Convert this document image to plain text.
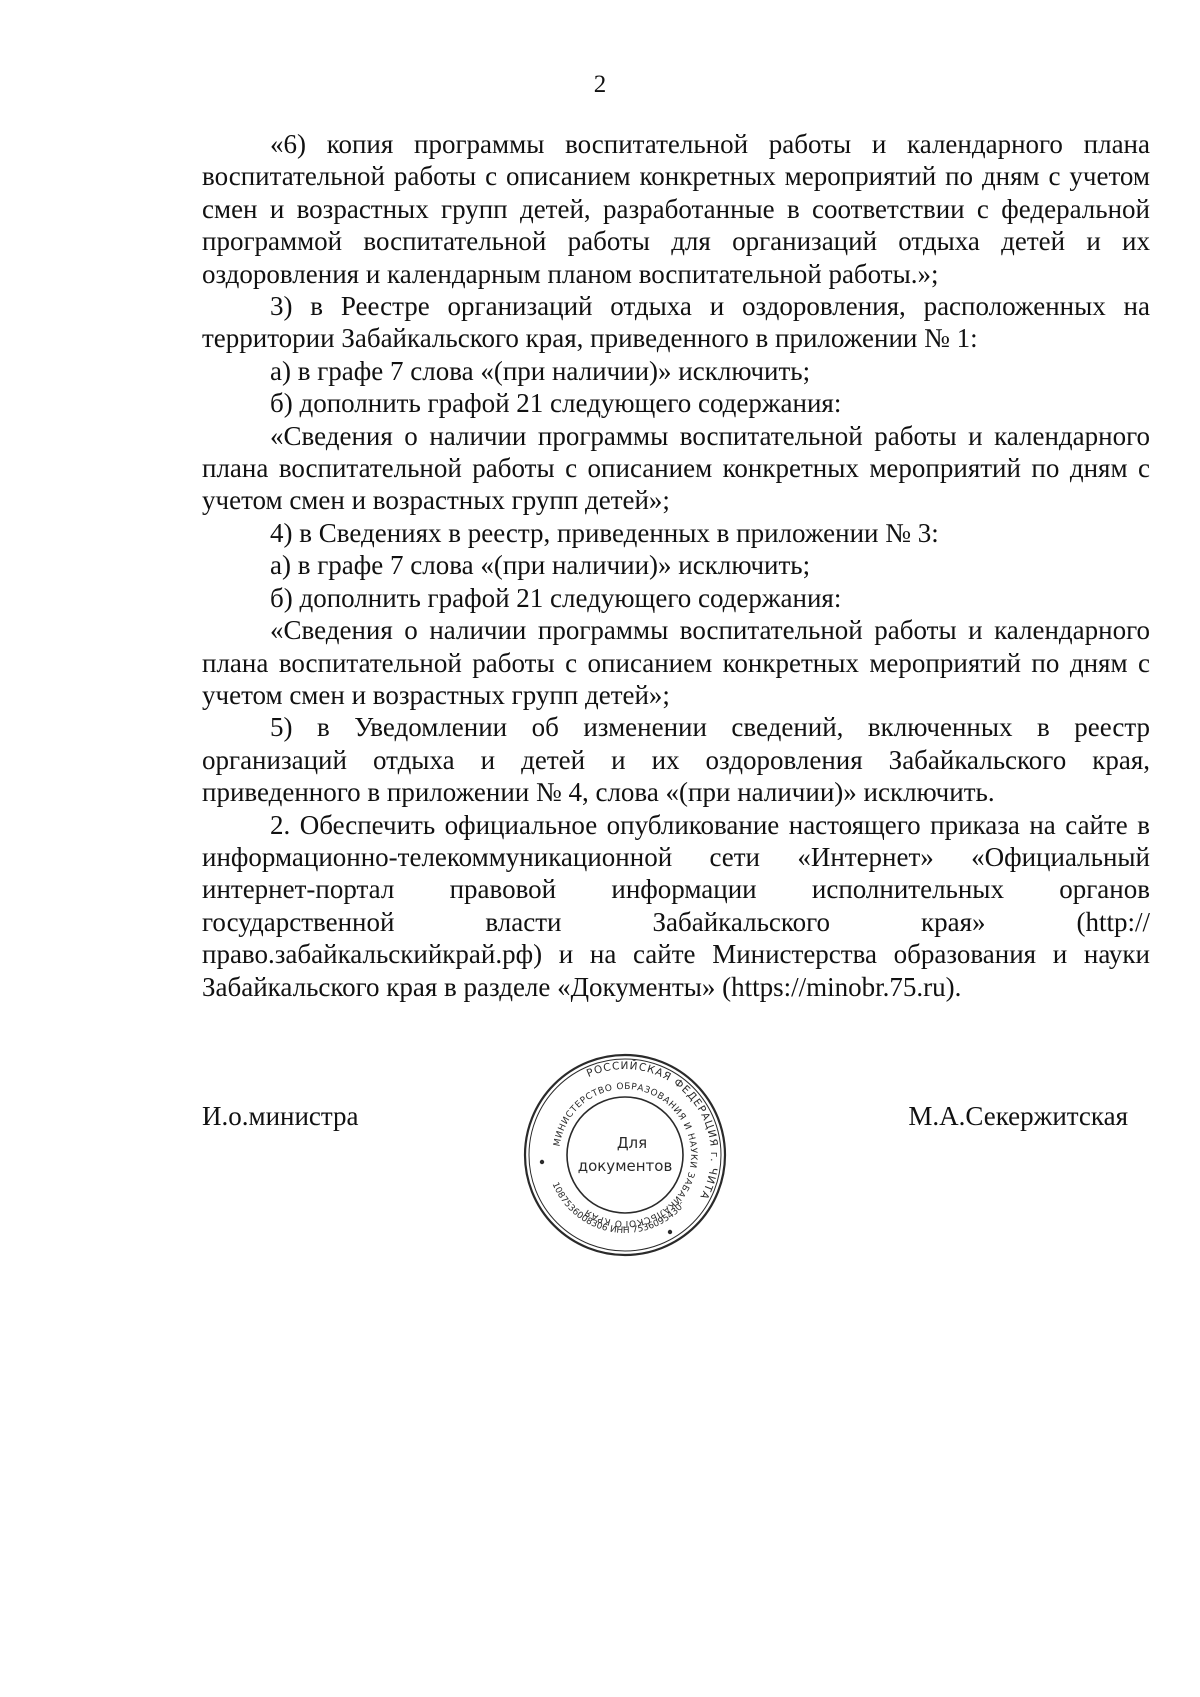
2

«6) копия программы воспитательной работы и календарного плана воспитательной работы с описанием конкретных мероприятий по дням с учетом смен и возрастных групп детей, разработанные в соответствии с федеральной программой воспитательной работы для организаций отдыха детей и их оздоровления и календарным планом воспитательной работы.»;

3) в Реестре организаций отдыха и оздоровления, расположенных на территории Забайкальского края, приведенного в приложении № 1:

а) в графе 7 слова «(при наличии)» исключить;

б) дополнить графой 21 следующего содержания:

«Сведения о наличии программы воспитательной работы и календарного плана воспитательной работы с описанием конкретных мероприятий по дням с учетом смен и возрастных групп детей»;

4) в Сведениях в реестр, приведенных в приложении № 3:

а) в графе 7 слова «(при наличии)» исключить;

б) дополнить графой 21 следующего содержания:

«Сведения о наличии программы воспитательной работы и календарного плана воспитательной работы с описанием конкретных мероприятий по дням с учетом смен и возрастных групп детей»;

5) в Уведомлении об изменении сведений, включенных в реестр организаций отдыха и детей и их оздоровления Забайкальского края, приведенного в приложении № 4, слова «(при наличии)» исключить.

2. Обеспечить официальное опубликование настоящего приказа на сайте в информационно-телекоммуникационной сети «Интернет» «Официальный интернет-портал правовой информации исполнительных органов государственной власти Забайкальского края» (http://право.забайкальскийкрай.рф) и на сайте Министерства образования и науки Забайкальского края в разделе «Документы» (https://minobr.75.ru).

И.о.министра	М.А.Секержитская
РОССИЙСКАЯ ФЕДЕРАЦИЯ г. ЧИТА
МИНИСТЕРСТВО ОБРАЗОВАНИЯ И НАУКИ ЗАБАЙКАЛЬСКОГО КРАЯ
1087536008306 ИНН 7536095430
Для
документов
